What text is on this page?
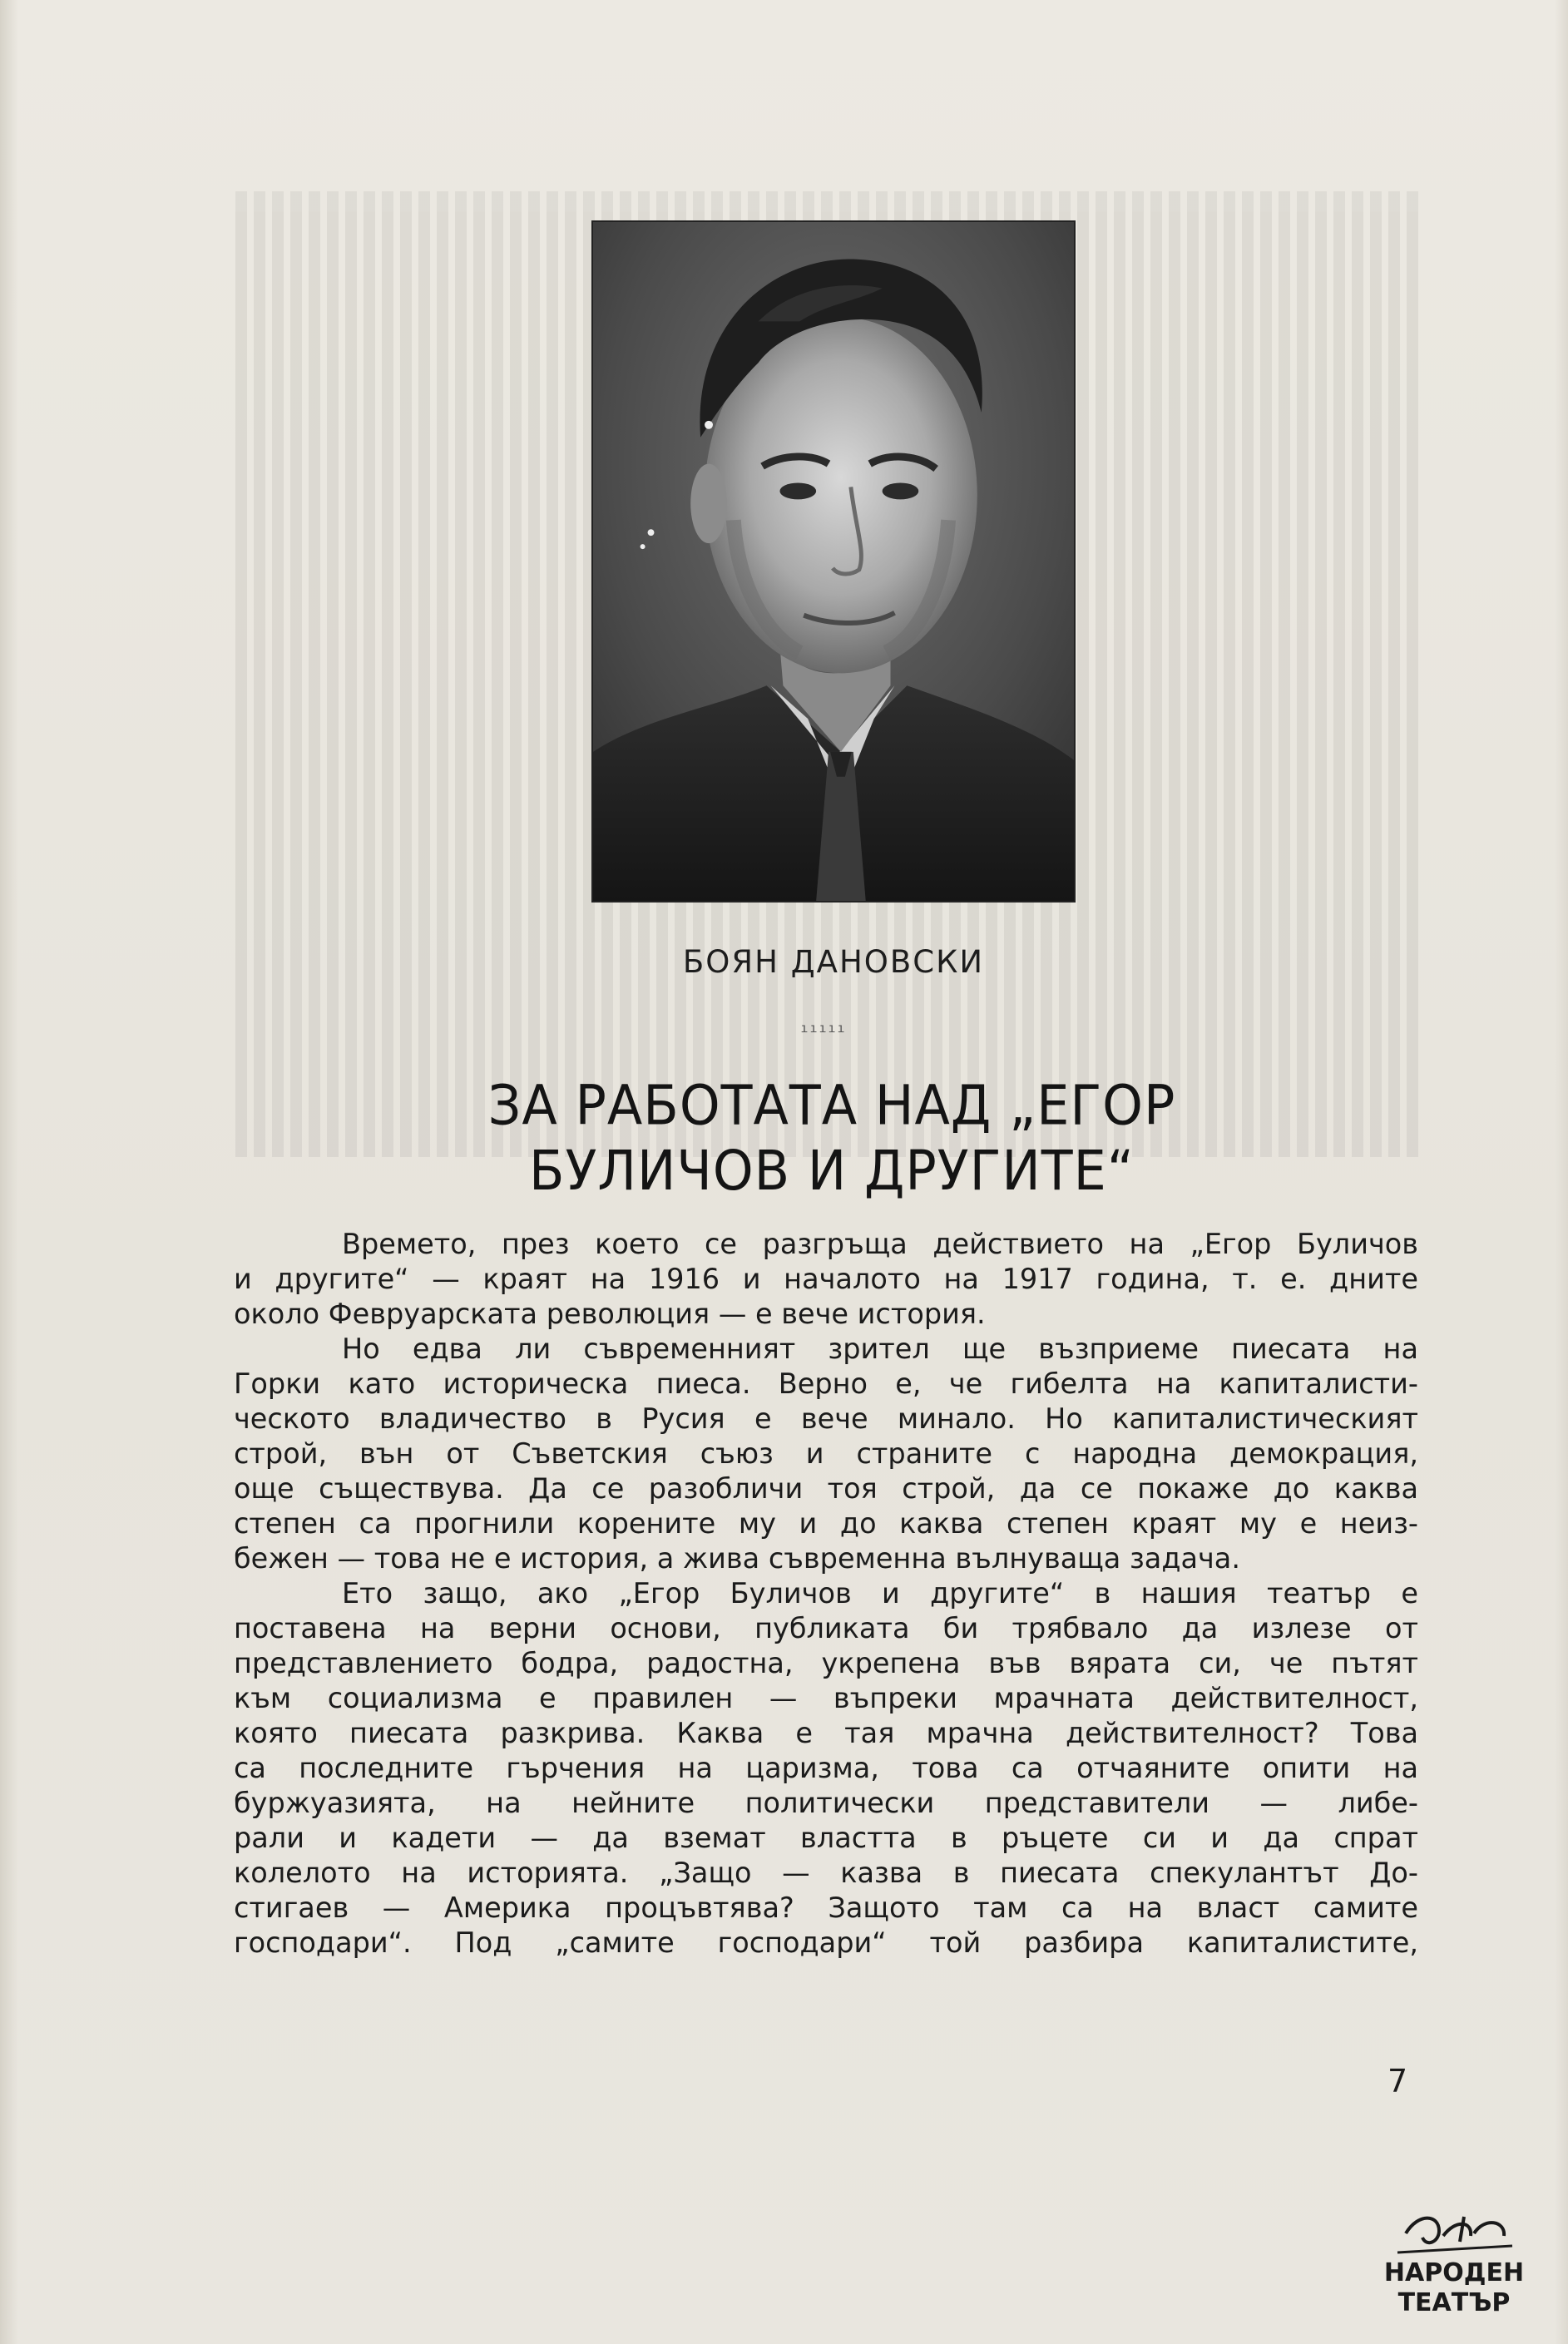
БОЯН ДАНОВСКИ
ııııı
ЗА РАБОТАТА НАД „ЕГОР
БУЛИЧОВ И ДРУГИТЕ“
Времето, през което се разгръща действието на „Егор Буличов
и другите“ — краят на 1916 и началото на 1917 година, т. е. дните
около Февруарската революция — е вече история.
Но едва ли съвременният зрител ще възприеме пиесата на
Горки като историческа пиеса. Верно е, че гибелта на капиталисти-
ческото владичество в Русия е вече минало. Но капиталистическият
строй, вън от Съветския съюз и страните с народна демокрация,
още съществува. Да се разобличи тоя строй, да се покаже до каква
степен са прогнили корените му и до каква степен краят му е неиз-
бежен — това не е история, а жива съвременна вълнуваща задача.
Ето защо, ако „Егор Буличов и другите“ в нашия театър е
поставена на верни основи, публиката би трябвало да излезе от
представлението бодра, радостна, укрепена във вярата си, че пътят
към социализма е правилен — въпреки мрачната действителност,
която пиесата разкрива. Каква е тая мрачна действителност? Това
са последните гърчения на царизма, това са отчаяните опити на
буржуазията, на нейните политически представители — либе-
рали и кадети — да вземат властта в ръцете си и да спрат
колелото на историята. „Защо — казва в пиесата спекулантът До-
стигаев — Америка процъвтява? Защото там са на власт самите
господари“. Под „самите господари“ той разбира капиталистите,
7
НАРОДЕН
ТЕАТЪР
